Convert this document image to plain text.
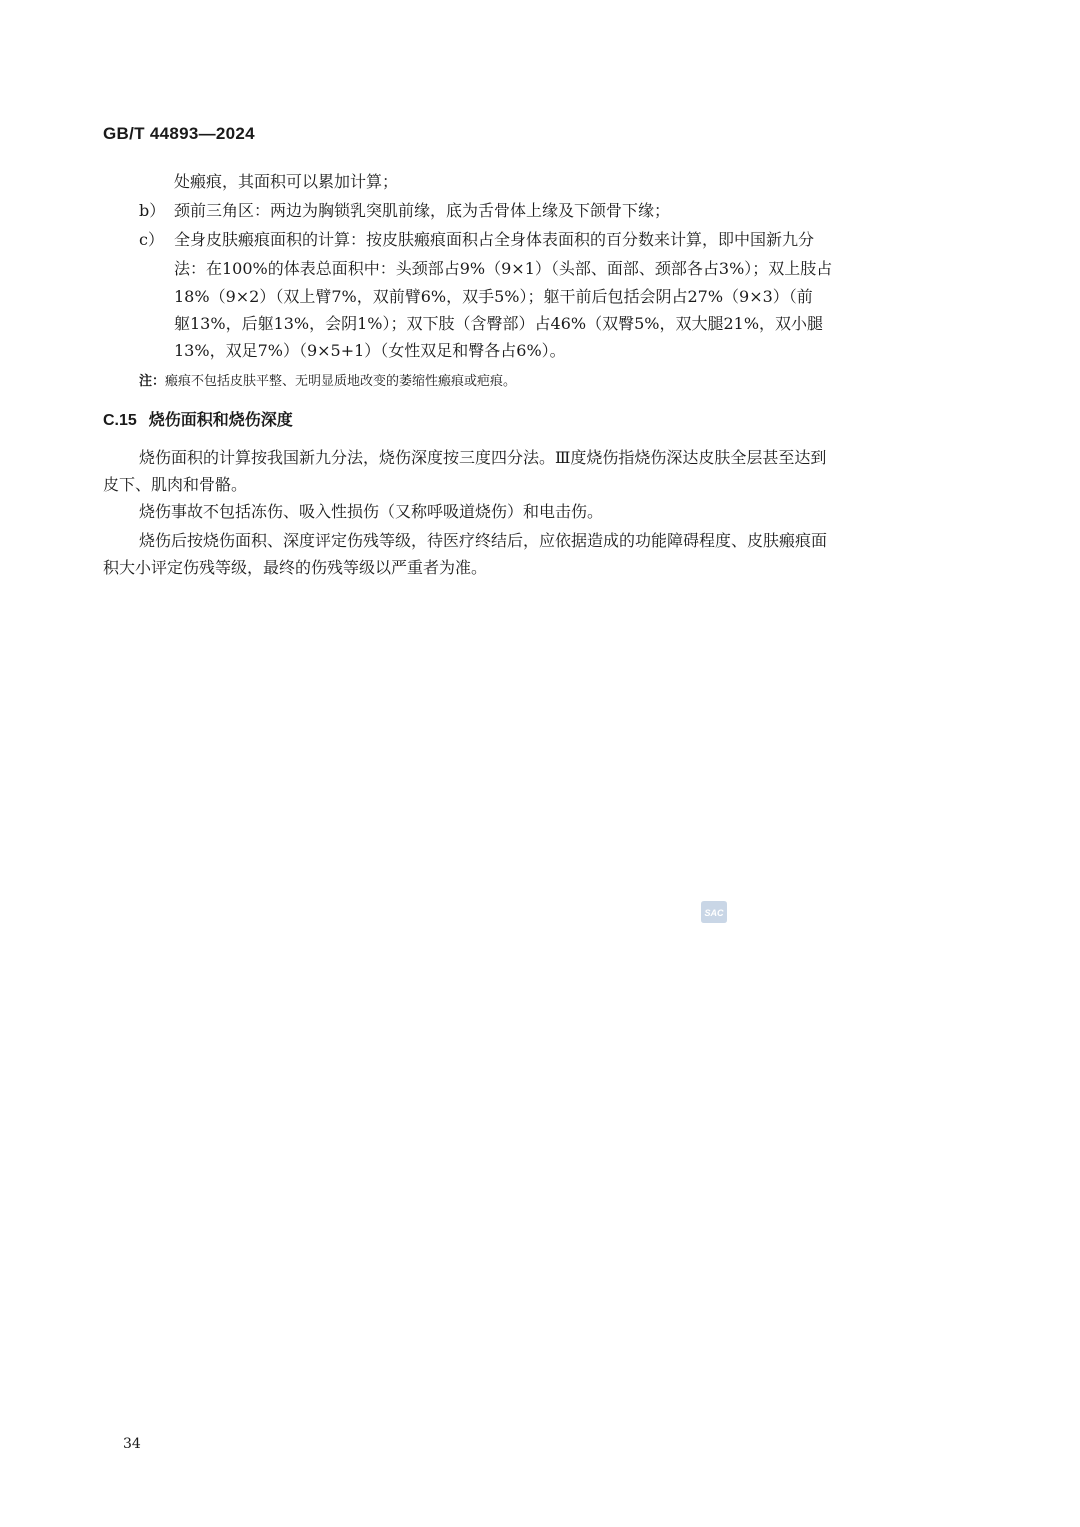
GB/T 44893—2024
处瘢痕，其面积可以累加计算；
b） 颈前三角区：两边为胸锁乳突肌前缘，底为舌骨体上缘及下颌骨下缘；
c） 全身皮肤瘢痕面积的计算：按皮肤瘢痕面积占全身体表面积的百分数来计算，即中国新九分
法：在100%的体表总面积中：头颈部占9%（9×1）（头部、面部、颈部各占3%）；双上肢占
18%（9×2）（双上臂7%，双前臂6%，双手5%）；躯干前后包括会阴占27%（9×3）（前
躯13%，后躯13%，会阴1%）；双下肢（含臀部）占46%（双臀5%，双大腿21%，双小腿
13%，双足7%）（9×5+1）（女性双足和臀各占6%）。
注：瘢痕不包括皮肤平整、无明显质地改变的萎缩性瘢痕或疤痕。
C.15 烧伤面积和烧伤深度
烧伤面积的计算按我国新九分法，烧伤深度按三度四分法。Ⅲ度烧伤指烧伤深达皮肤全层甚至达到
皮下、肌肉和骨骼。
烧伤事故不包括冻伤、吸入性损伤（又称呼吸道烧伤）和电击伤。
烧伤后按烧伤面积、深度评定伤残等级，待医疗终结后，应依据造成的功能障碍程度、皮肤瘢痕面
积大小评定伤残等级，最终的伤残等级以严重者为准。
SAC
34
